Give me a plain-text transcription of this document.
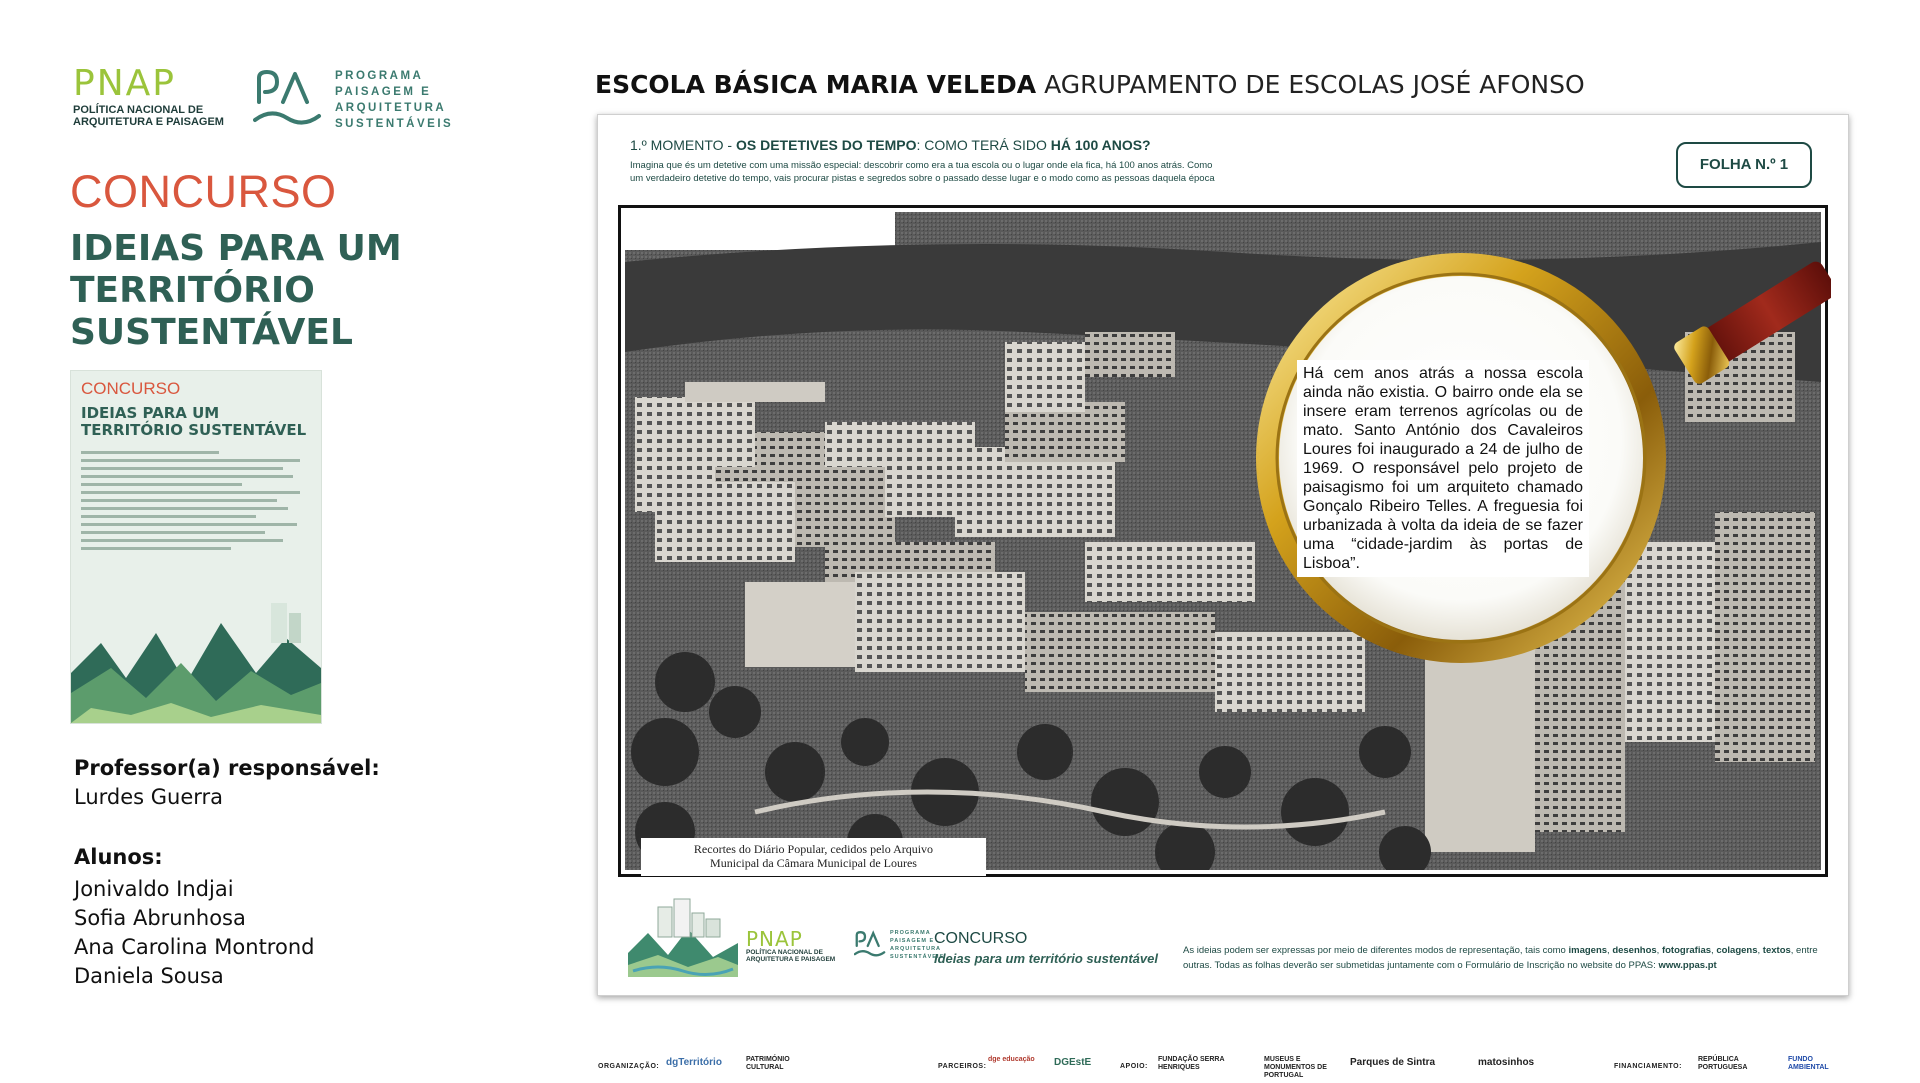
PNAP
POLÍTICA NACIONAL DE
ARQUITETURA E PAISAGEM
PROGRAMA
PAISAGEM E
ARQUITETURA
SUSTENTÁVEIS
CONCURSO
IDEIAS PARA UM
TERRITÓRIO
SUSTENTÁVEL
CONCURSO
IDEIAS PARA UM
TERRITÓRIO SUSTENTÁVEL
Professor(a) responsável:
Lurdes Guerra
Alunos:
Jonivaldo Indjai
Sofia Abrunhosa
Ana Carolina Montrond
Daniela Sousa
ESCOLA BÁSICA MARIA VELEDA AGRUPAMENTO DE ESCOLAS JOSÉ AFONSO
1.º MOMENTO - OS DETETIVES DO TEMPO: COMO TERÁ SIDO HÁ 100 ANOS?
Imagina que és um detetive com uma missão especial: descobrir como era a tua escola ou o lugar onde ela fica, há 100 anos atrás. Como um verdadeiro detetive do tempo, vais procurar pistas e segredos sobre o passado desse lugar e o modo como as pessoas daquela época
FOLHA N.º 1
Há cem anos atrás a nossa escola ainda não existia. O bairro onde ela se insere eram terrenos agrícolas ou de mato. Santo António dos Cavaleiros Loures foi inaugurado a 24 de julho de 1969. O responsável pelo projeto de paisagismo foi um arquiteto chamado Gonçalo Ribeiro Telles. A freguesia foi urbanizada à volta da ideia de se fazer uma “cidade-jardim às portas de Lisboa”.
Recortes do Diário Popular, cedidos pelo Arquivo
Municipal da Câmara Municipal de Loures
PNAP
POLÍTICA NACIONAL DE
ARQUITETURA E PAISAGEM
PROGRAMA
PAISAGEM E
ARQUITETURA
SUSTENTÁVEIS
CONCURSO
Ideias para um território sustentável
As ideias podem ser expressas por meio de diferentes modos de representação, tais como imagens, desenhos, fotografias, colagens, textos, entre outras. Todas as folhas deverão ser submetidas juntamente com o Formulário de Inscrição no website do PPAS: www.ppas.pt
ORGANIZAÇÃO: dgTerritório	PATRIMÓNIO CULTURAL	PARCEIROS:
dge educação	DGEstE	APOIO:
FUNDAÇÃO SERRA HENRIQUES
MUSEUS E MONUMENTOS DE PORTUGAL
Parques de Sintra	matosinhos	FINANCIAMENTO:
REPÚBLICA PORTUGUESA
FUNDO AMBIENTAL
